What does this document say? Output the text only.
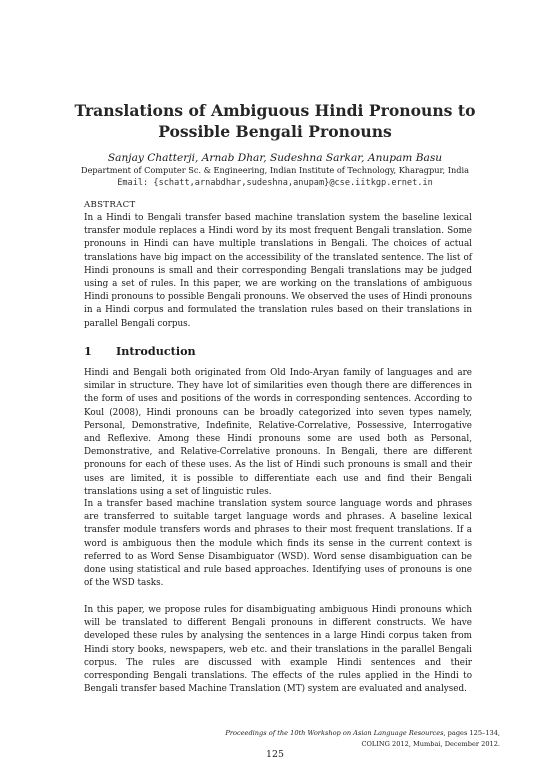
Translations of Ambiguous Hindi Pronouns to
Possible Bengali Pronouns
Sanjay Chatterji, Arnab Dhar, Sudeshna Sarkar, Anupam Basu
Department of Computer Sc. & Engineering, Indian Institute of Technology, Kharagpur, India
Email: {schatt,arnabdhar,sudeshna,anupam}@cse.iitkgp.ernet.in
ABSTRACT

In a Hindi to Bengali transfer based machine translation system the baseline lexical transfer module replaces a Hindi word by its most frequent Bengali translation. Some pronouns in Hindi can have multiple translations in Bengali. The choices of actual translations have big impact on the accessibility of the translated sentence. The list of Hindi pronouns is small and their corresponding Bengali translations may be judged using a set of rules. In this paper, we are working on the translations of ambiguous Hindi pronouns to possible Bengali pronouns. We observed the uses of Hindi pronouns in a Hindi corpus and formulated the translation rules based on their translations in parallel Bengali corpus.

1 Introduction

Hindi and Bengali both originated from Old Indo-Aryan family of languages and are similar in structure. They have lot of similarities even though there are differences in the form of uses and positions of the words in corresponding sentences. According to Koul (2008), Hindi pronouns can be broadly categorized into seven types namely, Personal, Demonstrative, Indefinite, Relative-Correlative, Possessive, Interrogative and Reflexive. Among these Hindi pronouns some are used both as Personal, Demonstrative, and Relative-Correlative pronouns. In Bengali, there are different pronouns for each of these uses. As the list of Hindi such pronouns is small and their uses are limited, it is possible to differentiate each use and find their Bengali translations using a set of linguistic rules.

In a transfer based machine translation system source language words and phrases are transferred to suitable target language words and phrases. A baseline lexical transfer module transfers words and phrases to their most frequent translations. If a word is ambiguous then the module which finds its sense in the current context is referred to as Word Sense Disambiguator (WSD). Word sense disambiguation can be done using statistical and rule based approaches. Identifying uses of pronouns is one of the WSD tasks.

In this paper, we propose rules for disambiguating ambiguous Hindi pronouns which will be translated to different Bengali pronouns in different constructs. We have developed these rules by analysing the sentences in a large Hindi corpus taken from Hindi story books, newspapers, web etc. and their translations in the parallel Bengali corpus. The rules are discussed with example Hindi sentences and their corresponding Bengali translations. The effects of the rules applied in the Hindi to Bengali transfer based Machine Translation (MT) system are evaluated and analysed.

Proceedings of the 10th Workshop on Asian Language Resources, pages 125–134,
COLING 2012, Mumbai, December 2012.
125
